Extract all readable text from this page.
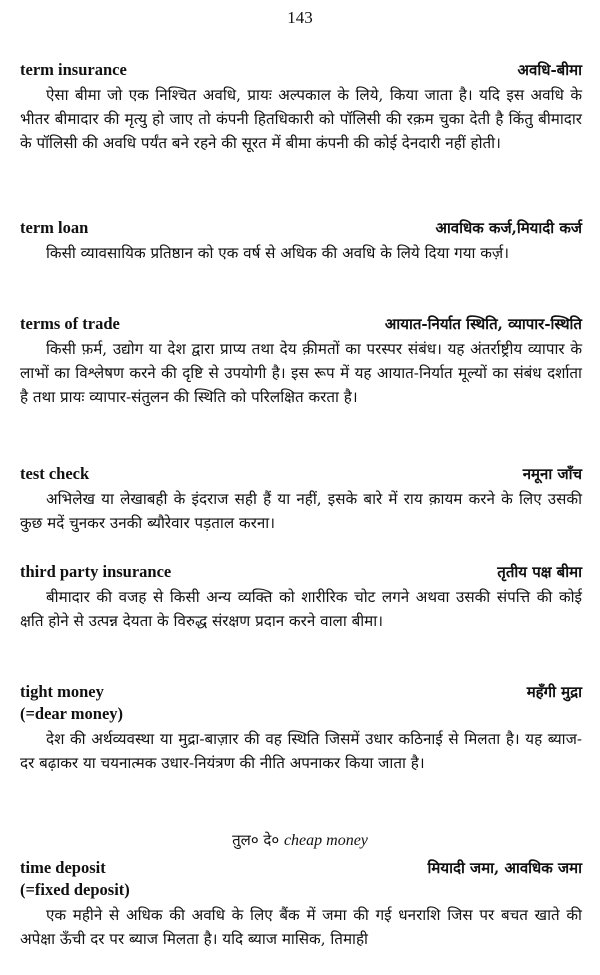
143
term insurance	अवधि-बीमा

ऐसा बीमा जो एक निश्चित अवधि, प्रायः अल्पकाल के लिये, किया जाता है। यदि इस अवधि के भीतर बीमादार की मृत्यु हो जाए तो कंपनी हितधिकारी को पॉलिसी की रक़म चुका देती है किंतु बीमादार के पॉलिसी की अवधि पर्यंत बने रहने की सूरत में बीमा कंपनी की कोई देनदारी नहीं होती।

term loan	आवधिक कर्ज,मियादी कर्ज

किसी व्यावसायिक प्रतिष्ठान को एक वर्ष से अधिक की अवधि के लिये दिया गया कर्ज़।

terms of trade	आयात-निर्यात स्थिति, व्यापार-स्थिति

किसी फ़र्म, उद्योग या देश द्वारा प्राप्य तथा देय क़ीमतों का परस्पर संबंध। यह अंतर्राष्ट्रीय व्यापार के लाभों का विश्लेषण करने की दृष्टि से उपयोगी है। इस रूप में यह आयात-निर्यात मूल्यों का संबंध दर्शाता है तथा प्रायः व्यापार-संतुलन की स्थिति को परिलक्षित करता है।

test check	नमूना जाँच

अभिलेख या लेखाबही के इंदराज सही हैं या नहीं, इसके बारे में राय क़ायम करने के लिए उसकी कुछ मदें चुनकर उनकी ब्यौरेवार पड़ताल करना।

third party insurance	तृतीय पक्ष बीमा

बीमादार की वजह से किसी अन्य व्यक्ति को शारीरिक चोट लगने अथवा उसकी संपत्ति की कोई क्षति होने से उत्पन्न देयता के विरुद्ध संरक्षण प्रदान करने वाला बीमा।

tight money	महँगी मुद्रा
(=dear money)

देश की अर्थव्यवस्था या मुद्रा-बाज़ार की वह स्थिति जिसमें उधार कठिनाई से मिलता है। यह ब्याज-दर बढ़ाकर या चयनात्मक उधार-नियंत्रण की नीति अपनाकर किया जाता है।

तुल० दे० cheap money
time deposit	मियादी जमा, आवधिक जमा
(=fixed deposit)

एक महीने से अधिक की अवधि के लिए बैंक में जमा की गई धनराशि जिस पर बचत खाते की अपेक्षा ऊँची दर पर ब्याज मिलता है। यदि ब्याज मासिक, तिमाही
